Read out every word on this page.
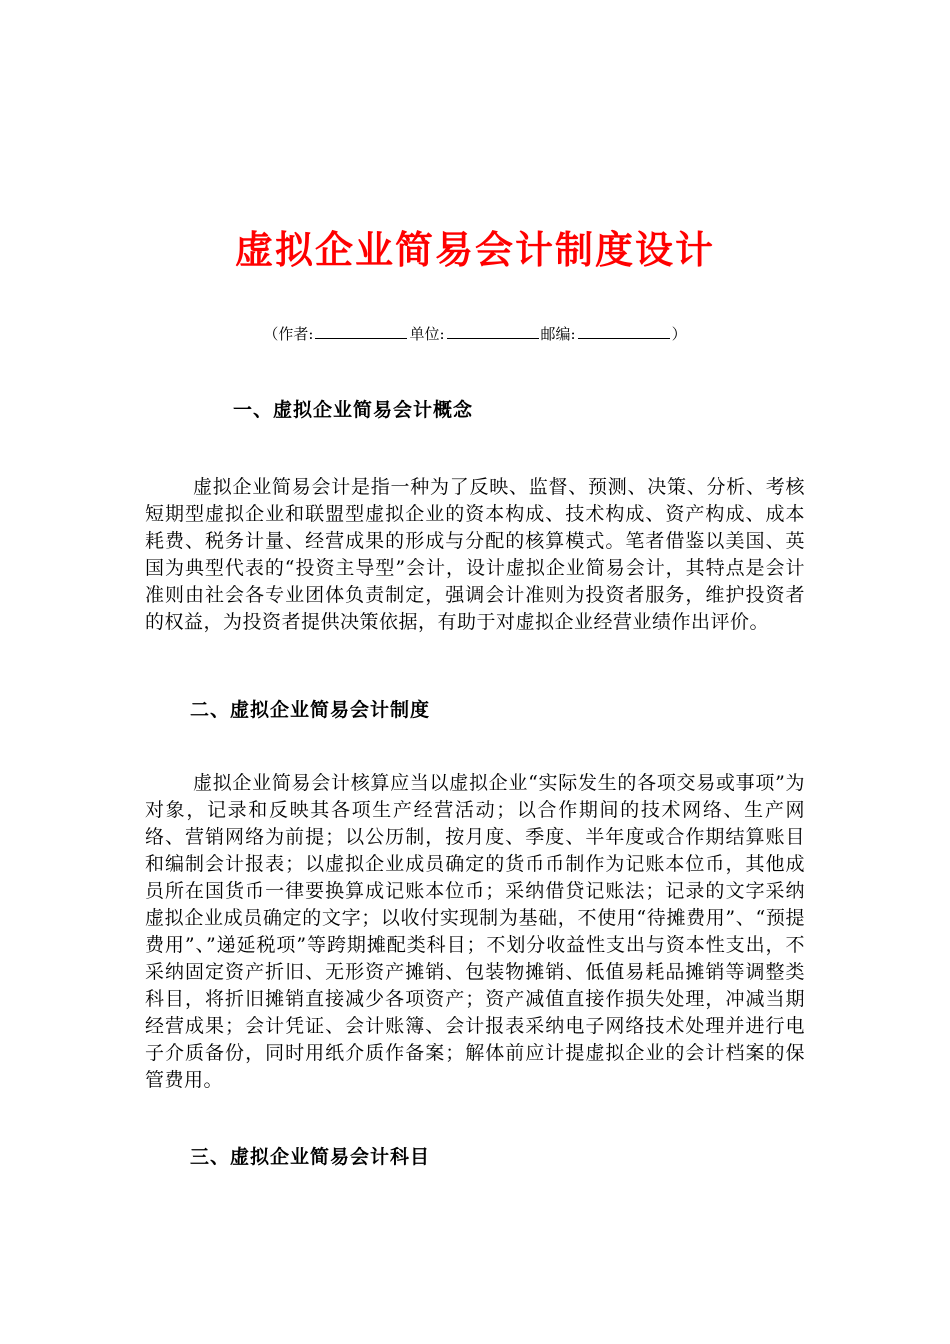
虚拟企业简易会计制度设计
（作者:	单位:	邮编:	）
一、虚拟企业简易会计概念

虚拟企业简易会计是指一种为了反映、监督、预测、决策、分析、考核短期型虚拟企业和联盟型虚拟企业的资本构成、技术构成、资产构成、成本耗费、税务计量、经营成果的形成与分配的核算模式。笔者借鉴以美国、英国为典型代表的“投资主导型”会计，设计虚拟企业简易会计，其特点是会计准则由社会各专业团体负责制定，强调会计准则为投资者服务，维护投资者的权益，为投资者提供决策依据，有助于对虚拟企业经营业绩作出评价。

二、虚拟企业简易会计制度

虚拟企业简易会计核算应当以虚拟企业“实际发生的各项交易或事项”为对象，记录和反映其各项生产经营活动；以合作期间的技术网络、生产网络、营销网络为前提；以公历制，按月度、季度、半年度或合作期结算账目和编制会计报表；以虚拟企业成员确定的货币币制作为记账本位币，其他成员所在国货币一律要换算成记账本位币；采纳借贷记账法；记录的文字采纳虚拟企业成员确定的文字；以收付实现制为基础，不使用“待摊费用”、“预提费用”、”递延税项”等跨期摊配类科目；不划分收益性支出与资本性支出，不采纳固定资产折旧、无形资产摊销、包装物摊销、低值易耗品摊销等调整类科目，将折旧摊销直接减少各项资产；资产减值直接作损失处理，冲减当期经营成果；会计凭证、会计账簿、会计报表采纳电子网络技术处理并进行电子介质备份，同时用纸介质作备案；解体前应计提虚拟企业的会计档案的保管费用。

三、虚拟企业简易会计科目
